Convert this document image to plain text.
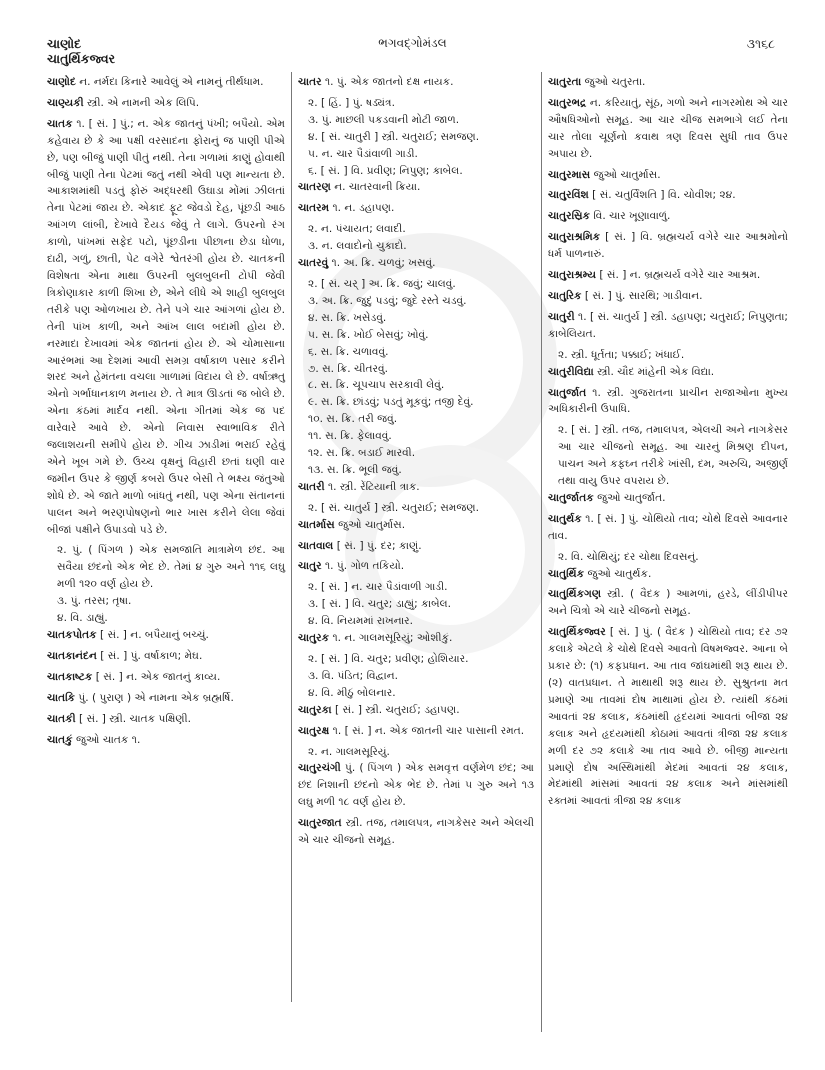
ચાણોદ
ચાતુર્થિકજ્વર
ભગવદ્ગોમંડલ	૩૧૬૮

ચાણોદ ન. નર્મદા કિનારે આવેલું એ નામનું તીર્થધામ.

ચાણ્યકી સ્ત્રી. એ નામની એક લિપિ.

ચાતક ૧. [ સં. ] પું.; ન. એક જાતનું પંખી; બપૈયો. એમ કહેવાય છે કે આ પક્ષી વરસાદના ફોરાનું જ પાણી પીએ છે, પણ બીજું પાણી પીતું નથી. તેના ગળામાં કાણું હોવાથી બીજું પાણી તેના પેટમાં જતું નથી એવી પણ માન્યતા છે. આકાશમાંથી પડતું ફોરું અદ્ધરથી ઉઘાડા મોંમાં ઝીલતાં તેના પેટમાં જાય છે. એકાદ ફૂટ જેવડો દેહ, પૂંછડી આઠ આંગળ લાંબી, દેખાવે દૈયડ જેવું તે લાગે. ઉપરનો રંગ કાળો, પાંખમાં સફેદ પટો, પૂંછડીના પીછાના છેડા ધોળા, દાઢી, ગળું, છાતી, પેટ વગેરે શ્વેતરંગી હોય છે. ચાતકની વિશેષતા એના માથા ઉપરની બુલબુલની ટોપી જેવી ત્રિકોણાકાર કાળી શિખા છે, એને લીધે એ શાહી બુલબુલ તરીકે પણ ઓળખાય છે. તેને પગે ચાર આંગળાં હોય છે. તેની પાંખ કાળી, અને આંખ લાલ બદામી હોય છે. નરમાદા દેખાવમાં એક જાતનાં હોય છે. એ ચોમાસાના આરંભમાં આ દેશમાં આવી સમગ્ર વર્ષાકાળ પસાર કરીને શરદ અને હેમંતના વચલા ગાળામાં વિદાય લે છે. વર્ષાઋતુ એનો ગર્ભાધાનકાળ મનાય છે. તે માત્ર ઊડતાં જ બોલે છે. એના કંઠમાં માર્દવ નથી. એના ગીતમાં એક જ પદ વારેવારે આવે છે. એનો નિવાસ સ્વાભાવિક રીતે જલાશયની સમીપે હોય છે. ગીચ ઝાડીમાં ભરાઈ રહેવું એને ખૂબ ગમે છે. ઉચ્ચ વૃક્ષનું વિહારી છતાં ઘણી વાર જમીન ઉપર કે જીર્ણ કબરો ઉપર બેસી તે ભક્ષ્ય જંતુઓ શોધે છે. એ જાતે માળો બાંધતું નથી, પણ એના સંતાનનાં પાલન અને ભરણપોષણનો ભાર ખાસ કરીને લેલા જેવાં બીજાં પક્ષીને ઉપાડવો પડે છે.

૨. પું. ( પિંગળ ) એક સમજાતિ માત્રામેળ છંદ. આ સવૈયા છંદનો એક ભેદ છે. તેમાં ૪ ગુરુ અને ૧૧૬ લઘુ મળી ૧૨૦ વર્ણ હોય છે.

૩. પું. તરસ; તૃષા.

૪. વિ. ડાહ્યું.

ચાતકપોતક [ સં. ] ન. બપૈયાનું બચ્ચું.

ચાતકાનંદન [ સં. ] પું. વર્ષાકાળ; મેઘ.

ચાતકાષ્ટક [ સં. ] ન. એક જાતનું કાવ્ય.

ચાતકિ પું. ( પુરાણ ) એ નામના એક બ્રહ્મર્ષિ.

ચાતકી [ સં. ] સ્ત્રી. ચાતક પક્ષિણી.

ચાતકું જુઓ ચાતક ૧.

ચાતર ૧. પું. એક જાતનો દક્ષ નાયક.

૨. [ હિં. ] પું. ષડ્યંત્ર.

૩. પું. માછલી પકડવાની મોટી જાળ.

૪. [ સં. ચાતુરી ] સ્ત્રી. ચતુરાઈ; સમજણ.

૫. ન. ચાર પૈડાંવાળી ગાડી.

૬. [ સં. ] વિ. પ્રવીણ; નિપુણ; કાબેલ.

ચાતરણ ન. ચાતરવાની ક્રિયા.

ચાતરમ ૧. ન. ડહાપણ.

૨. ન. પંચાયત; લવાદી.

૩. ન. લવાદોનો ચુકાદો.

ચાતરવું ૧. અ. ક્રિ. ચળવું; ખસવું.

૨. [ સં. ચર્ ] અ. ક્રિ. જવું; ચાલવું.

૩. અ. ક્રિ. જુદું પડવું; જુદે રસ્તે ચડવું.

૪. સ. ક્રિ. ખસેડવું.

૫. સ. ક્રિ. ખોઈ બેસવું; ખોવું.

૬. સ. ક્રિ. ચળાવવું.

૭. સ. ક્રિ. ચીતરવું.

૮. સ. ક્રિ. ચૂપચાપ સરકાવી લેવું.

૯. સ. ક્રિ. છાંડવું; પડતું મૂકવું; તજી દેવું.

૧૦. સ. ક્રિ. તરી જવું.

૧૧. સ. ક્રિ. ફેલાવવું.

૧૨. સ. ક્રિ. બડાઈ મારવી.

૧૩. સ. ક્રિ. ભૂલી જવું.

ચાતરી ૧. સ્ત્રી. રેંટિયાની ત્રાક.

૨. [ સં. ચાતુર્ય ] સ્ત્રી. ચતુરાઈ; સમજણ.

ચાતર્માસ જુઓ ચાતુર્માસ.

ચાતવાલ [ સં. ] પું. દર; કાણું.

ચાતુર ૧. પું. ગોળ તકિયો.

૨. [ સં. ] ન. ચાર પૈડાંવાળી ગાડી.

૩. [ સં. ] વિ. ચતુર; ડાહ્યું; કાબેલ.

૪. વિ. નિયમમાં રાખનાર.

ચાતુરક ૧. ન. ગાલમસૂરિયું; ઓશીકું.

૨. [ સં. ] વિ. ચતુર; પ્રવીણ; હોશિયાર.

૩. વિ. પંડિત; વિદ્વાન.

૪. વિ. મીઠું બોલનાર.

ચાતુરકા [ સં. ] સ્ત્રી. ચતુરાઈ; ડહાપણ.

ચાતુરક્ષ ૧. [ સં. ] ન. એક જાતની ચાર પાસાની રમત.

૨. ન. ગાલમસૂરિયું.

ચાતુરચંગી પું. ( પિંગળ ) એક સમવૃત્ત વર્ણમેળ છંદ; આ છંદ નિશાની છંદનો એક ભેદ છે. તેમાં ૫ ગુરુ અને ૧૩ લઘુ મળી ૧૮ વર્ણ હોય છે.

ચાતુરજાત સ્ત્રી. તજ, તમાલપત્ર, નાગકેસર અને એલચી એ ચાર ચીજનો સમૂહ.

ચાતુરતા જુઓ ચતુરતા.

ચાતુરભદ્ર ન. કરિયાતું, સૂંઠ, ગળો અને નાગરમોથ એ ચાર ઔષધિઓનો સમૂહ. આ ચાર ચીજ સમભાગે લઈ તેના ચાર તોલા ચૂર્ણનો કવાથ ત્રણ દિવસ સુધી તાવ ઉપર અપાય છે.

ચાતુરમાસ જુઓ ચાતુર્માસ.

ચાતુરવિંશ [ સં. ચતુર્વિંશતિ ] વિ. ચોવીશ; ૨૪.

ચાતુરસ્રિક વિ. ચાર ખૂણાવાળું.

ચાતુરાશ્રમિક [ સં. ] વિ. બ્રહ્મચર્ય વગેરે ચાર આશ્રમોનો ધર્મ પાળનારું.

ચાતુરાશ્રમ્ય [ સં. ] ન. બ્રહ્મચર્ય વગેરે ચાર આશ્રમ.

ચાતુરિક [ સં. ] પું. સારથિ; ગાડીવાન.

ચાતુરી ૧. [ સં. ચાતુર્ય ] સ્ત્રી. ડહાપણ; ચતુરાઈ; નિપુણતા; કાબેલિયત.

૨. સ્ત્રી. ધૂર્તતા; પક્કાઈ; ખંધાઈ.

ચાતુરીવિદ્યા સ્ત્રી. ચૌદ માંહેની એક વિદ્યા.

ચાતુર્જાત ૧. સ્ત્રી. ગુજરાતના પ્રાચીન રાજાઓના મુખ્ય અધિકારીની ઉપાધિ.

૨. [ સં. ] સ્ત્રી. તજ, તમાલપત્ર, એલચી અને નાગકેસર આ ચાર ચીજનો સમૂહ. આ ચારનું મિશ્રણ દીપન, પાચન અને કફઘ્ન તરીકે ખાંસી, દમ, અરુચિ, અજીર્ણ તથા વાયુ ઉપર વપરાય છે.

ચાતુર્જાતક જુઓ ચાતુર્જાત.

ચાતુર્થક ૧. [ સં. ] પું. ચોથિયો તાવ; ચોથે દિવસે આવનાર તાવ.

૨. વિ. ચોથિયું; દર ચોથા દિવસનું.

ચાતુર્થિક જુઓ ચાતુર્થક.

ચાતુર્થિકગણ સ્ત્રી. ( વૈદક ) આમળાં, હરડે, લીંડીપીપર અને ચિત્રો એ ચારે ચીજનો સમૂહ.

ચાતુર્થિકજ્વર [ સં. ] પું. ( વૈદક ) ચોથિયો તાવ; દર ૭૨ કલાકે એટલે કે ચોથે દિવસે આવતો વિષમજ્વર. આના બે પ્રકાર છે: (૧) કફપ્રધાન. આ તાવ જાંઘમાંથી શરૂ થાય છે. (૨) વાતપ્રધાન. તે માથાથી શરૂ થાય છે. સુશ્રુતના મત પ્રમાણે આ તાવમાં દોષ માથામાં હોય છે. ત્યાંથી કંઠમાં આવતાં ૨૪ કલાક, કંઠમાંથી હૃદયમાં આવતાં બીજા ૨૪ કલાક અને હૃદયમાંથી કોઠામાં આવતાં ત્રીજા ૨૪ કલાક મળી દર ૭૨ કલાકે આ તાવ આવે છે. બીજી માન્યતા પ્રમાણે દોષ અસ્થિમાંથી મેદમાં આવતાં ૨૪ કલાક, મેદમાંથી માંસમાં આવતાં ૨૪ કલાક અને માંસમાંથી રક્તમાં આવતાં ત્રીજા ૨૪ કલાક
